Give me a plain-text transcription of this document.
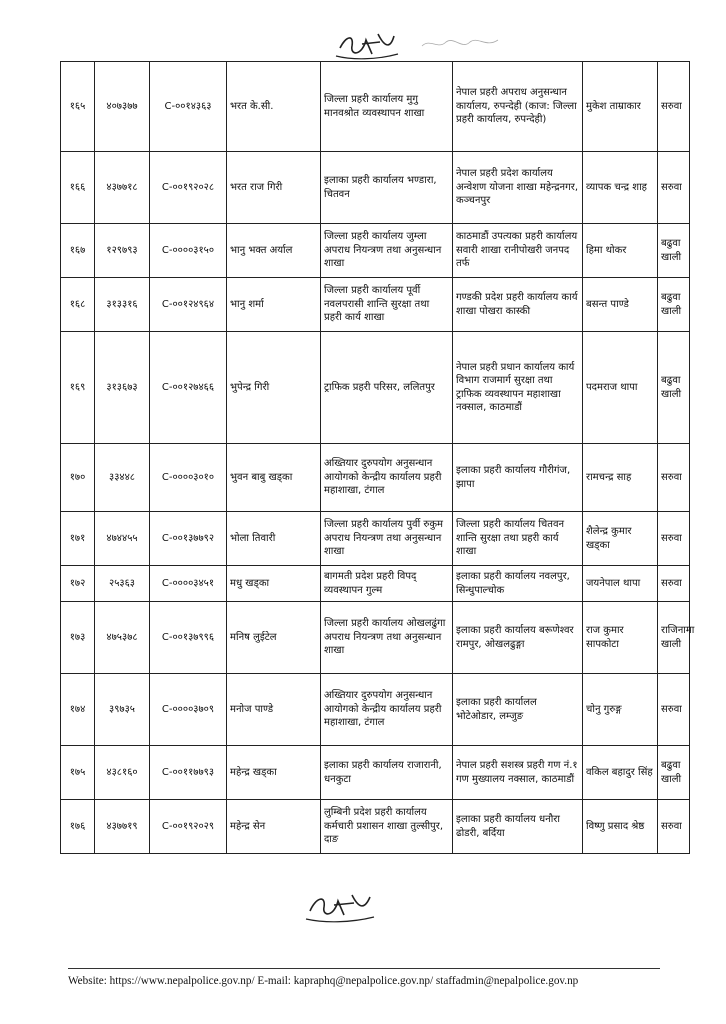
१६५	४०७३७७	C-००१४३६३	भरत के.सी.	जिल्ला प्रहरी कार्यालय मुगु मानवश्रोत व्यवस्थापन शाखा	नेपाल प्रहरी अपराध अनुसन्धान कार्यालय, रुपन्देही (काज: जिल्ला प्रहरी कार्यालय, रुपन्देही)	मुकेश ताम्राकार	सरुवा
१६६	४३७७१८	C-००१९२०२८	भरत राज गिरी	इलाका प्रहरी कार्यालय भण्डारा, चितवन	नेपाल प्रहरी प्रदेश कार्यालय अन्वेशण योजना शाखा महेन्द्रनगर, कञ्चनपुर	व्यापक चन्द्र शाह	सरुवा
१६७	१२९७९३	C-००००३१५०	भानु भक्त अर्याल	जिल्ला प्रहरी कार्यालय जुम्ला अपराध नियन्त्रण तथा अनुसन्धान शाखा	काठमाडौं उपत्यका प्रहरी कार्यालय सवारी शाखा रानीपोखरी जनपद तर्फ	हिमा थोकर	बढुवा खाली
१६८	३१३३१६	C-००१२४९६४	भानु शर्मा	जिल्ला प्रहरी कार्यालय पूर्वी नवलपरासी शान्ति सुरक्षा तथा प्रहरी कार्य शाखा	गण्डकी प्रदेश प्रहरी कार्यालय कार्य शाखा पोखरा कास्की	बसन्त पाण्डे	बढुवा खाली
१६९	३१३६७३	C-००१२७४६६	भुपेन्द्र गिरी	ट्राफिक प्रहरी परिसर, ललितपुर	नेपाल प्रहरी प्रधान कार्यालय कार्य विभाग राजमार्ग सुरक्षा तथा ट्राफिक व्यवस्थापन महाशाखा नक्साल, काठमाडौं	पदमराज थापा	बढुवा खाली
१७०	३३४४८	C-००००३०१०	भुवन बाबु खड्का	अख्तियार दुरुपयोग अनुसन्धान आयोगको केन्द्रीय कार्यालय प्रहरी महाशाखा, टंगाल	इलाका प्रहरी कार्यालय गौरीगंज, झापा	रामचन्द्र साह	सरुवा
१७१	४७४४५५	C-००१३७७९२	भोला तिवारी	जिल्ला प्रहरी कार्यालय पुर्वी रुकुम अपराध नियन्त्रण तथा अनुसन्धान शाखा	जिल्ला प्रहरी कार्यालय चितवन शान्ति सुरक्षा तथा प्रहरी कार्य शाखा	शैलेन्द्र कुमार खड्का	सरुवा
१७२	२५३६३	C-००००३४५१	मधु खड्का	बागमती प्रदेश प्रहरी विपद् व्यवस्थापन गुल्म	इलाका प्रहरी कार्यालय नवलपुर, सिन्धुपाल्चोक	जयनेपाल थापा	सरुवा
१७३	४७५३७८	C-००१३७९९६	मनिष लुईटेल	जिल्ला प्रहरी कार्यालय ओखलढुंगा अपराध नियन्त्रण तथा अनुसन्धान शाखा	इलाका प्रहरी कार्यालय बरूणेश्वर रामपुर, ओखलढुङ्गा	राज कुमार सापकोटा	राजिनामा खाली
१७४	३९७३५	C-००००३७०९	मनोज पाण्डे	अख्तियार दुरुपयोग अनुसन्धान आयोगको केन्द्रीय कार्यालय प्रहरी महाशाखा, टंगाल	इलाका प्रहरी कार्यालल भोटेओडार, लम्जुङ	चोनु गुरुङ्ग	सरुवा
१७५	४३८१६०	C-००११७७९३	महेन्द्र खड्का	इलाका प्रहरी कार्यालय राजारानी, धनकुटा	नेपाल प्रहरी सशस्त्र प्रहरी गण नं.१ गण मुख्यालय नक्साल, काठमाडौं	वकिल बहादुर सिंह	बढुवा खाली
१७६	४३७७१९	C-००१९२०२९	महेन्द्र सेन	लुम्बिनी प्रदेश प्रहरी कार्यालय कर्मचारी प्रशासन शाखा तुल्सीपुर, दाङ	इलाका प्रहरी कार्यालय धनौरा ढोडरी, बर्दिया	विष्णु प्रसाद श्रेष्ठ	सरुवा
Website: https://www.nepalpolice.gov.np/ E-mail: kapraphq@nepalpolice.gov.np/ staffadmin@nepalpolice.gov.np
